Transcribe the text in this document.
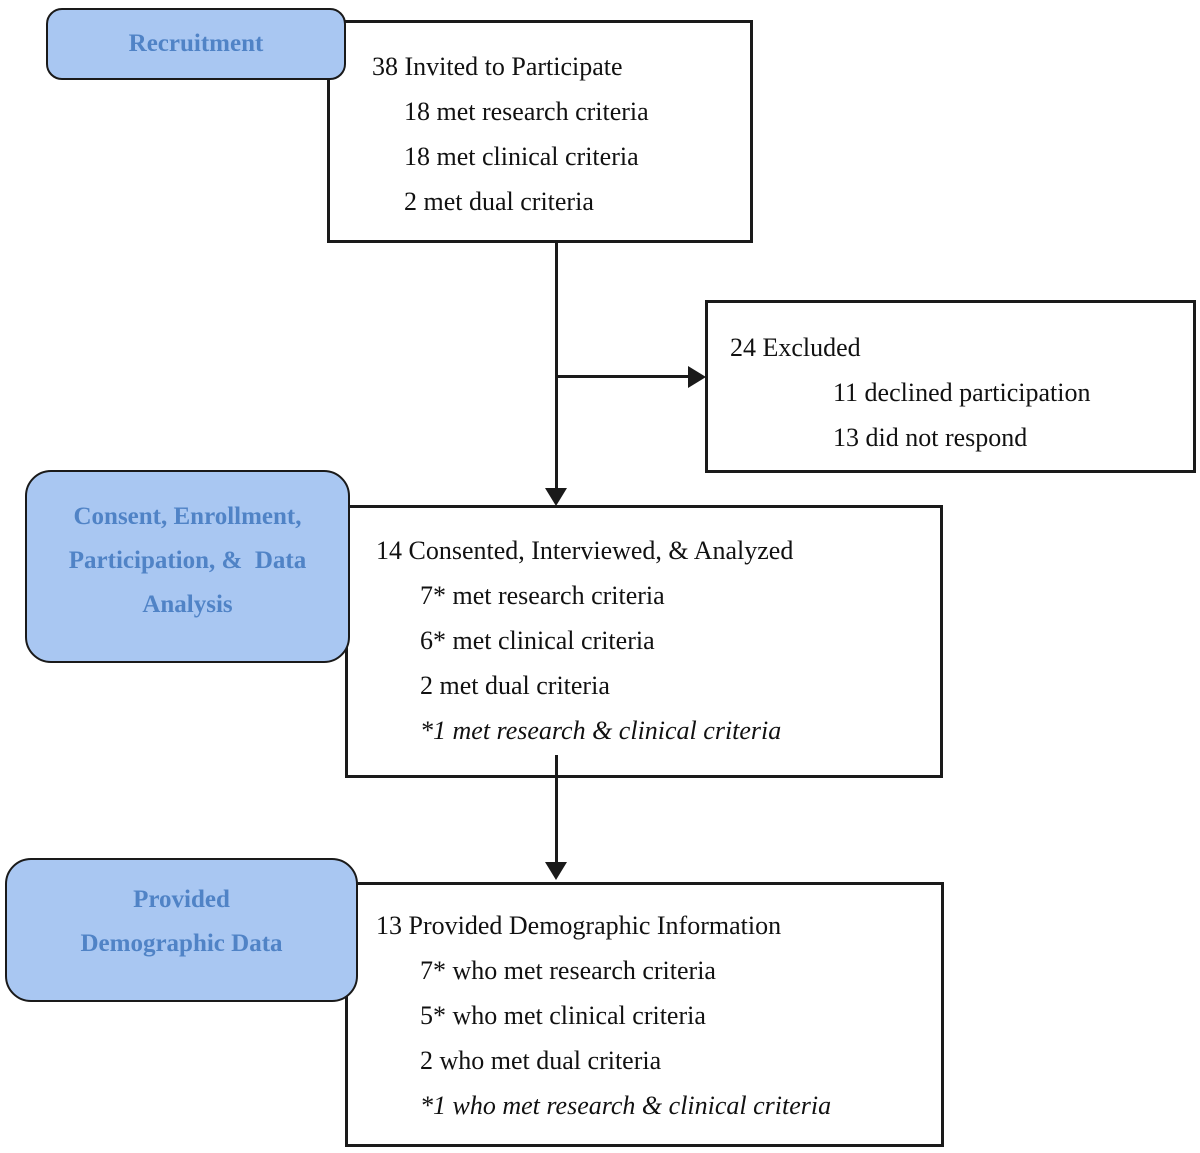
38 Invited to Participate
18 met research criteria
18 met clinical criteria
2 met dual criteria
24 Excluded
11 declined participation
13 did not respond
14 Consented, Interviewed, & Analyzed
7* met research criteria
6* met clinical criteria
2 met dual criteria
*1 met research & clinical criteria
13 Provided Demographic Information
7* who met research criteria
5* who met clinical criteria
2 who met dual criteria
*1 who met research & clinical criteria
Recruitment
Consent, Enrollment,
Participation, &  Data
Analysis
Provided
Demographic Data
